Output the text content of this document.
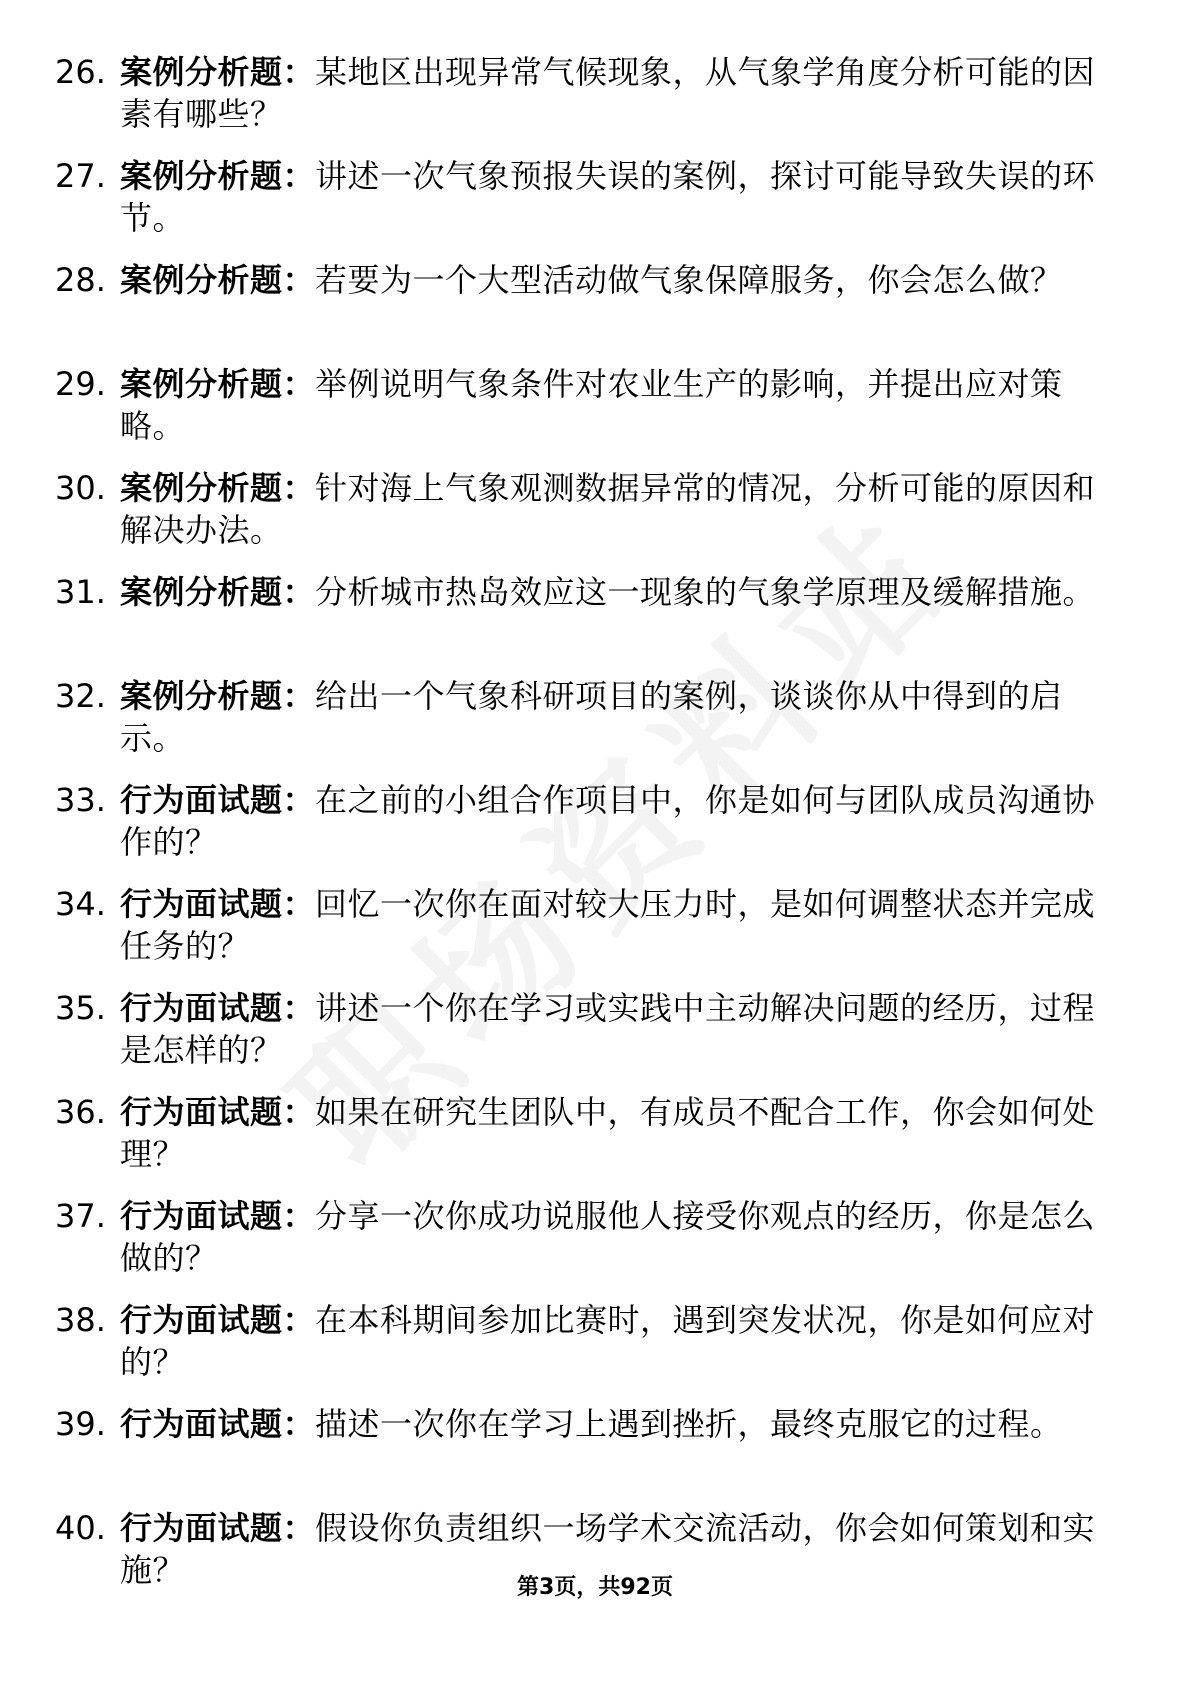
26. 案例分析题：某地区出现异常气候现象，从气象学角度分析可能的因素有哪些？
27. 案例分析题：讲述一次气象预报失误的案例，探讨可能导致失误的环节。
28. 案例分析题：若要为一个大型活动做气象保障服务，你会怎么做？
29. 案例分析题：举例说明气象条件对农业生产的影响，并提出应对策略。
30. 案例分析题：针对海上气象观测数据异常的情况，分析可能的原因和解决办法。
31. 案例分析题：分析城市热岛效应这一现象的气象学原理及缓解措施。
32. 案例分析题：给出一个气象科研项目的案例，谈谈你从中得到的启示。
33. 行为面试题：在之前的小组合作项目中，你是如何与团队成员沟通协作的？
34. 行为面试题：回忆一次你在面对较大压力时，是如何调整状态并完成任务的？
35. 行为面试题：讲述一个你在学习或实践中主动解决问题的经历，过程是怎样的？
36. 行为面试题：如果在研究生团队中，有成员不配合工作，你会如何处理？
37. 行为面试题：分享一次你成功说服他人接受你观点的经历，你是怎么做的？
38. 行为面试题：在本科期间参加比赛时，遇到突发状况，你是如何应对的？
39. 行为面试题：描述一次你在学习上遇到挫折，最终克服它的过程。
40. 行为面试题：假设你负责组织一场学术交流活动，你会如何策划和实施？	第3页，共92页
